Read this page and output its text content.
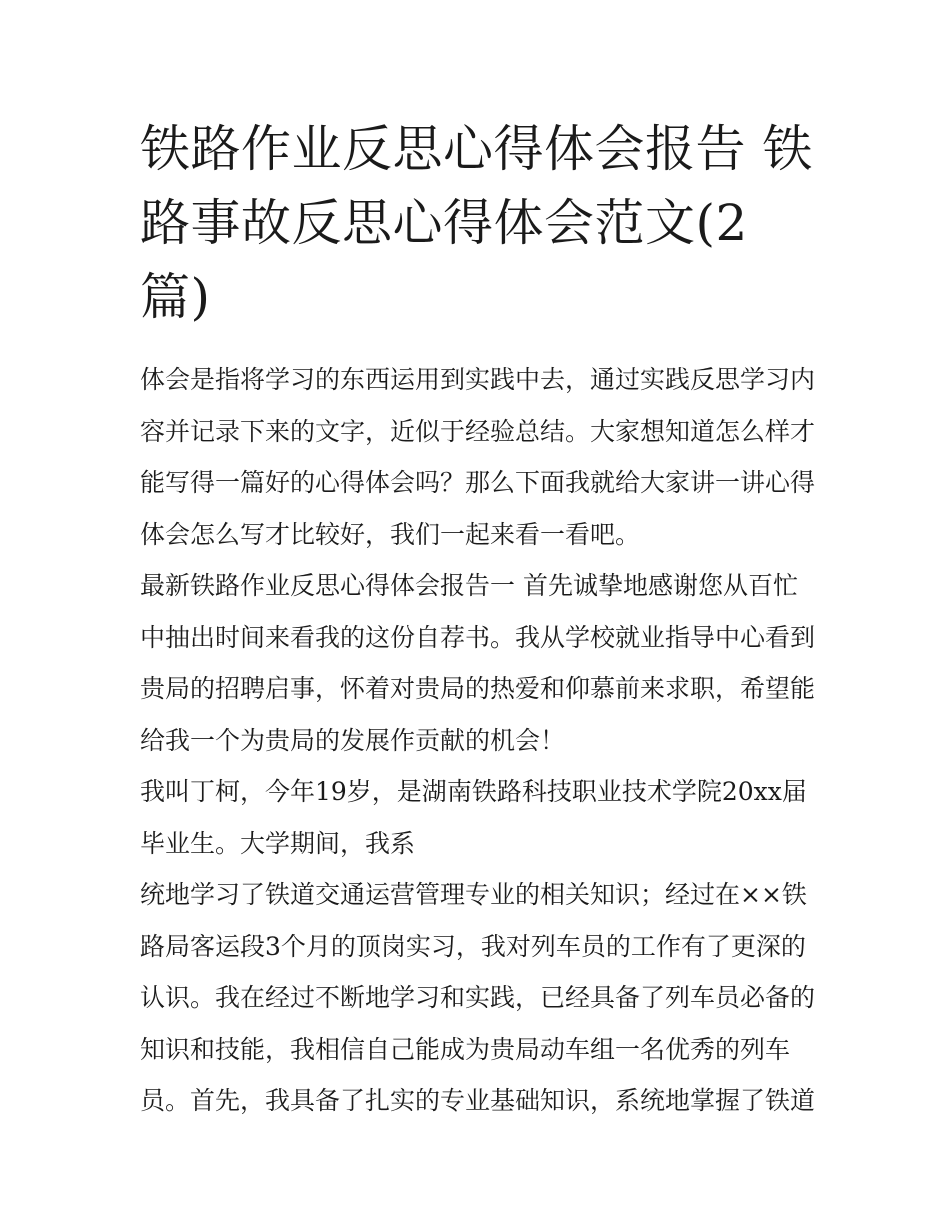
铁路作业反思心得体会报告 铁
路事故反思心得体会范文(2
篇)
体会是指将学习的东西运用到实践中去，通过实践反思学习内
容并记录下来的文字，近似于经验总结。大家想知道怎么样才
能写得一篇好的心得体会吗？那么下面我就给大家讲一讲心得
体会怎么写才比较好，我们一起来看一看吧。
最新铁路作业反思心得体会报告一 首先诚挚地感谢您从百忙
中抽出时间来看我的这份自荐书。我从学校就业指导中心看到
贵局的招聘启事，怀着对贵局的热爱和仰慕前来求职，希望能
给我一个为贵局的发展作贡献的机会！
我叫丁柯，今年19岁，是湖南铁路科技职业技术学院20xx届
毕业生。大学期间，我系
统地学习了铁道交通运营管理专业的相关知识；经过在××铁
路局客运段3个月的顶岗实习，我对列车员的工作有了更深的
认识。我在经过不断地学习和实践，已经具备了列车员必备的
知识和技能，我相信自己能成为贵局动车组一名优秀的列车
员。首先，我具备了扎实的专业基础知识，系统地掌握了铁道
